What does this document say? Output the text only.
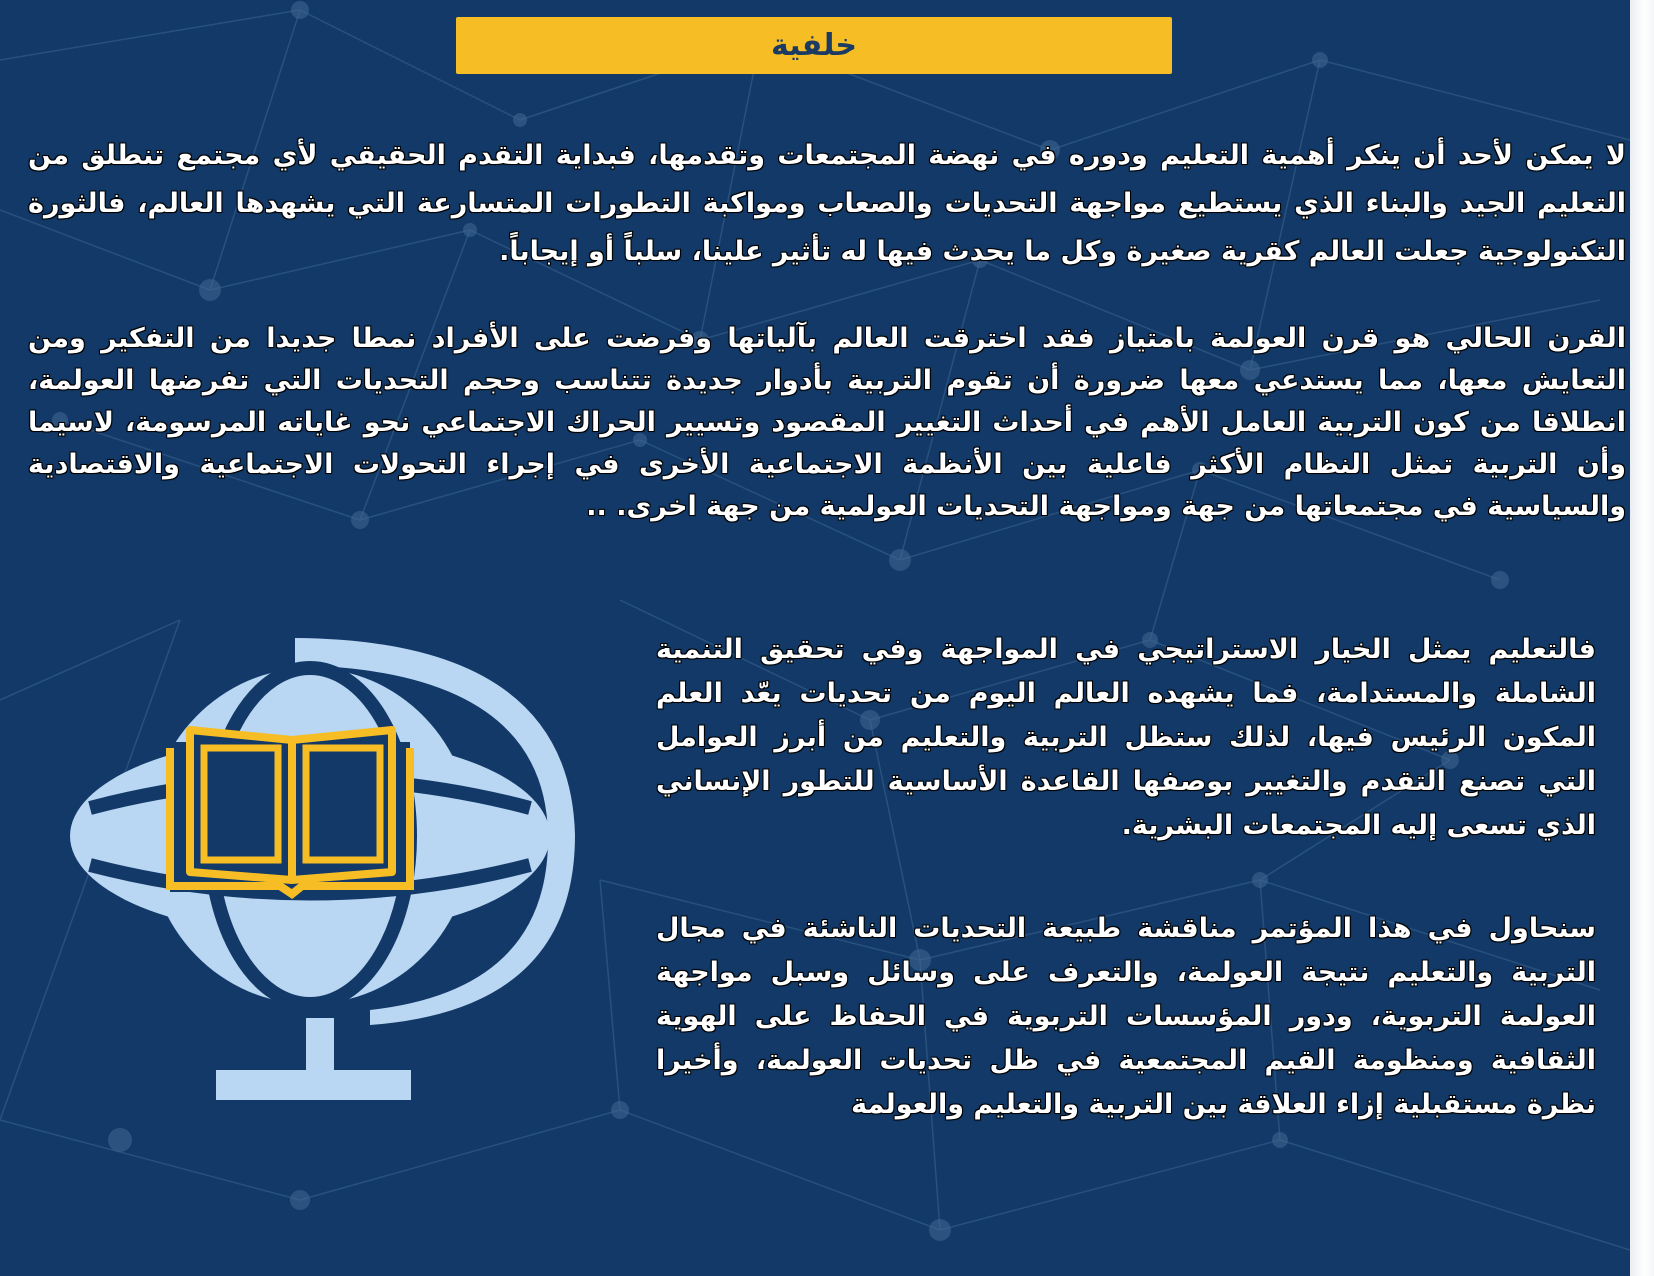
خلفية
لا يمكن لأحد أن ينكر أهمية التعليم ودوره في نهضة المجتمعات وتقدمها، فبداية التقدم الحقيقي لأي مجتمع تنطلق من التعليم الجيد والبناء الذي يستطيع مواجهة التحديات والصعاب ومواكبة التطورات المتسارعة التي يشهدها العالم، فالثورة التكنولوجية جعلت العالم كقرية صغيرة وكل ما يحدث فيها له تأثير علينا، سلباً أو إيجاباً.
القرن الحالي هو قرن العولمة بامتياز فقد اخترقت العالم بآلياتها وفرضت على الأفراد نمطا جديدا من التفكير ومن التعايش معها، مما يستدعي معها ضرورة أن تقوم التربية بأدوار جديدة تتناسب وحجم التحديات التي تفرضها العولمة، انطلاقا من كون التربية العامل الأهم في أحداث التغيير المقصود وتسيير الحراك الاجتماعي نحو غاياته المرسومة، لاسيما وأن التربية تمثل النظام الأكثر فاعلية بين الأنظمة الاجتماعية الأخرى في إجراء التحولات الاجتماعية والاقتصادية والسياسية في مجتمعاتها من جهة ومواجهة التحديات العولمية من جهة اخرى. ..
فالتعليم يمثل الخيار الاستراتيجي في المواجهة وفي تحقيق التنمية الشاملة والمستدامة، فما يشهده العالم اليوم من تحديات يعّد العلم المكون الرئيس فيها، لذلك ستظل التربية والتعليم من أبرز العوامل التي تصنع التقدم والتغيير بوصفها القاعدة الأساسية للتطور الإنساني الذي تسعى إليه المجتمعات البشرية.
سنحاول في هذا المؤتمر مناقشة طبيعة التحديات الناشئة في مجال التربية والتعليم نتيجة العولمة، والتعرف على وسائل وسبل مواجهة العولمة التربوية، ودور المؤسسات التربوية في الحفاظ على الهوية الثقافية ومنظومة القيم المجتمعية في ظل تحديات العولمة، وأخيرا نظرة مستقبلية إزاء العلاقة بين التربية والتعليم والعولمة
